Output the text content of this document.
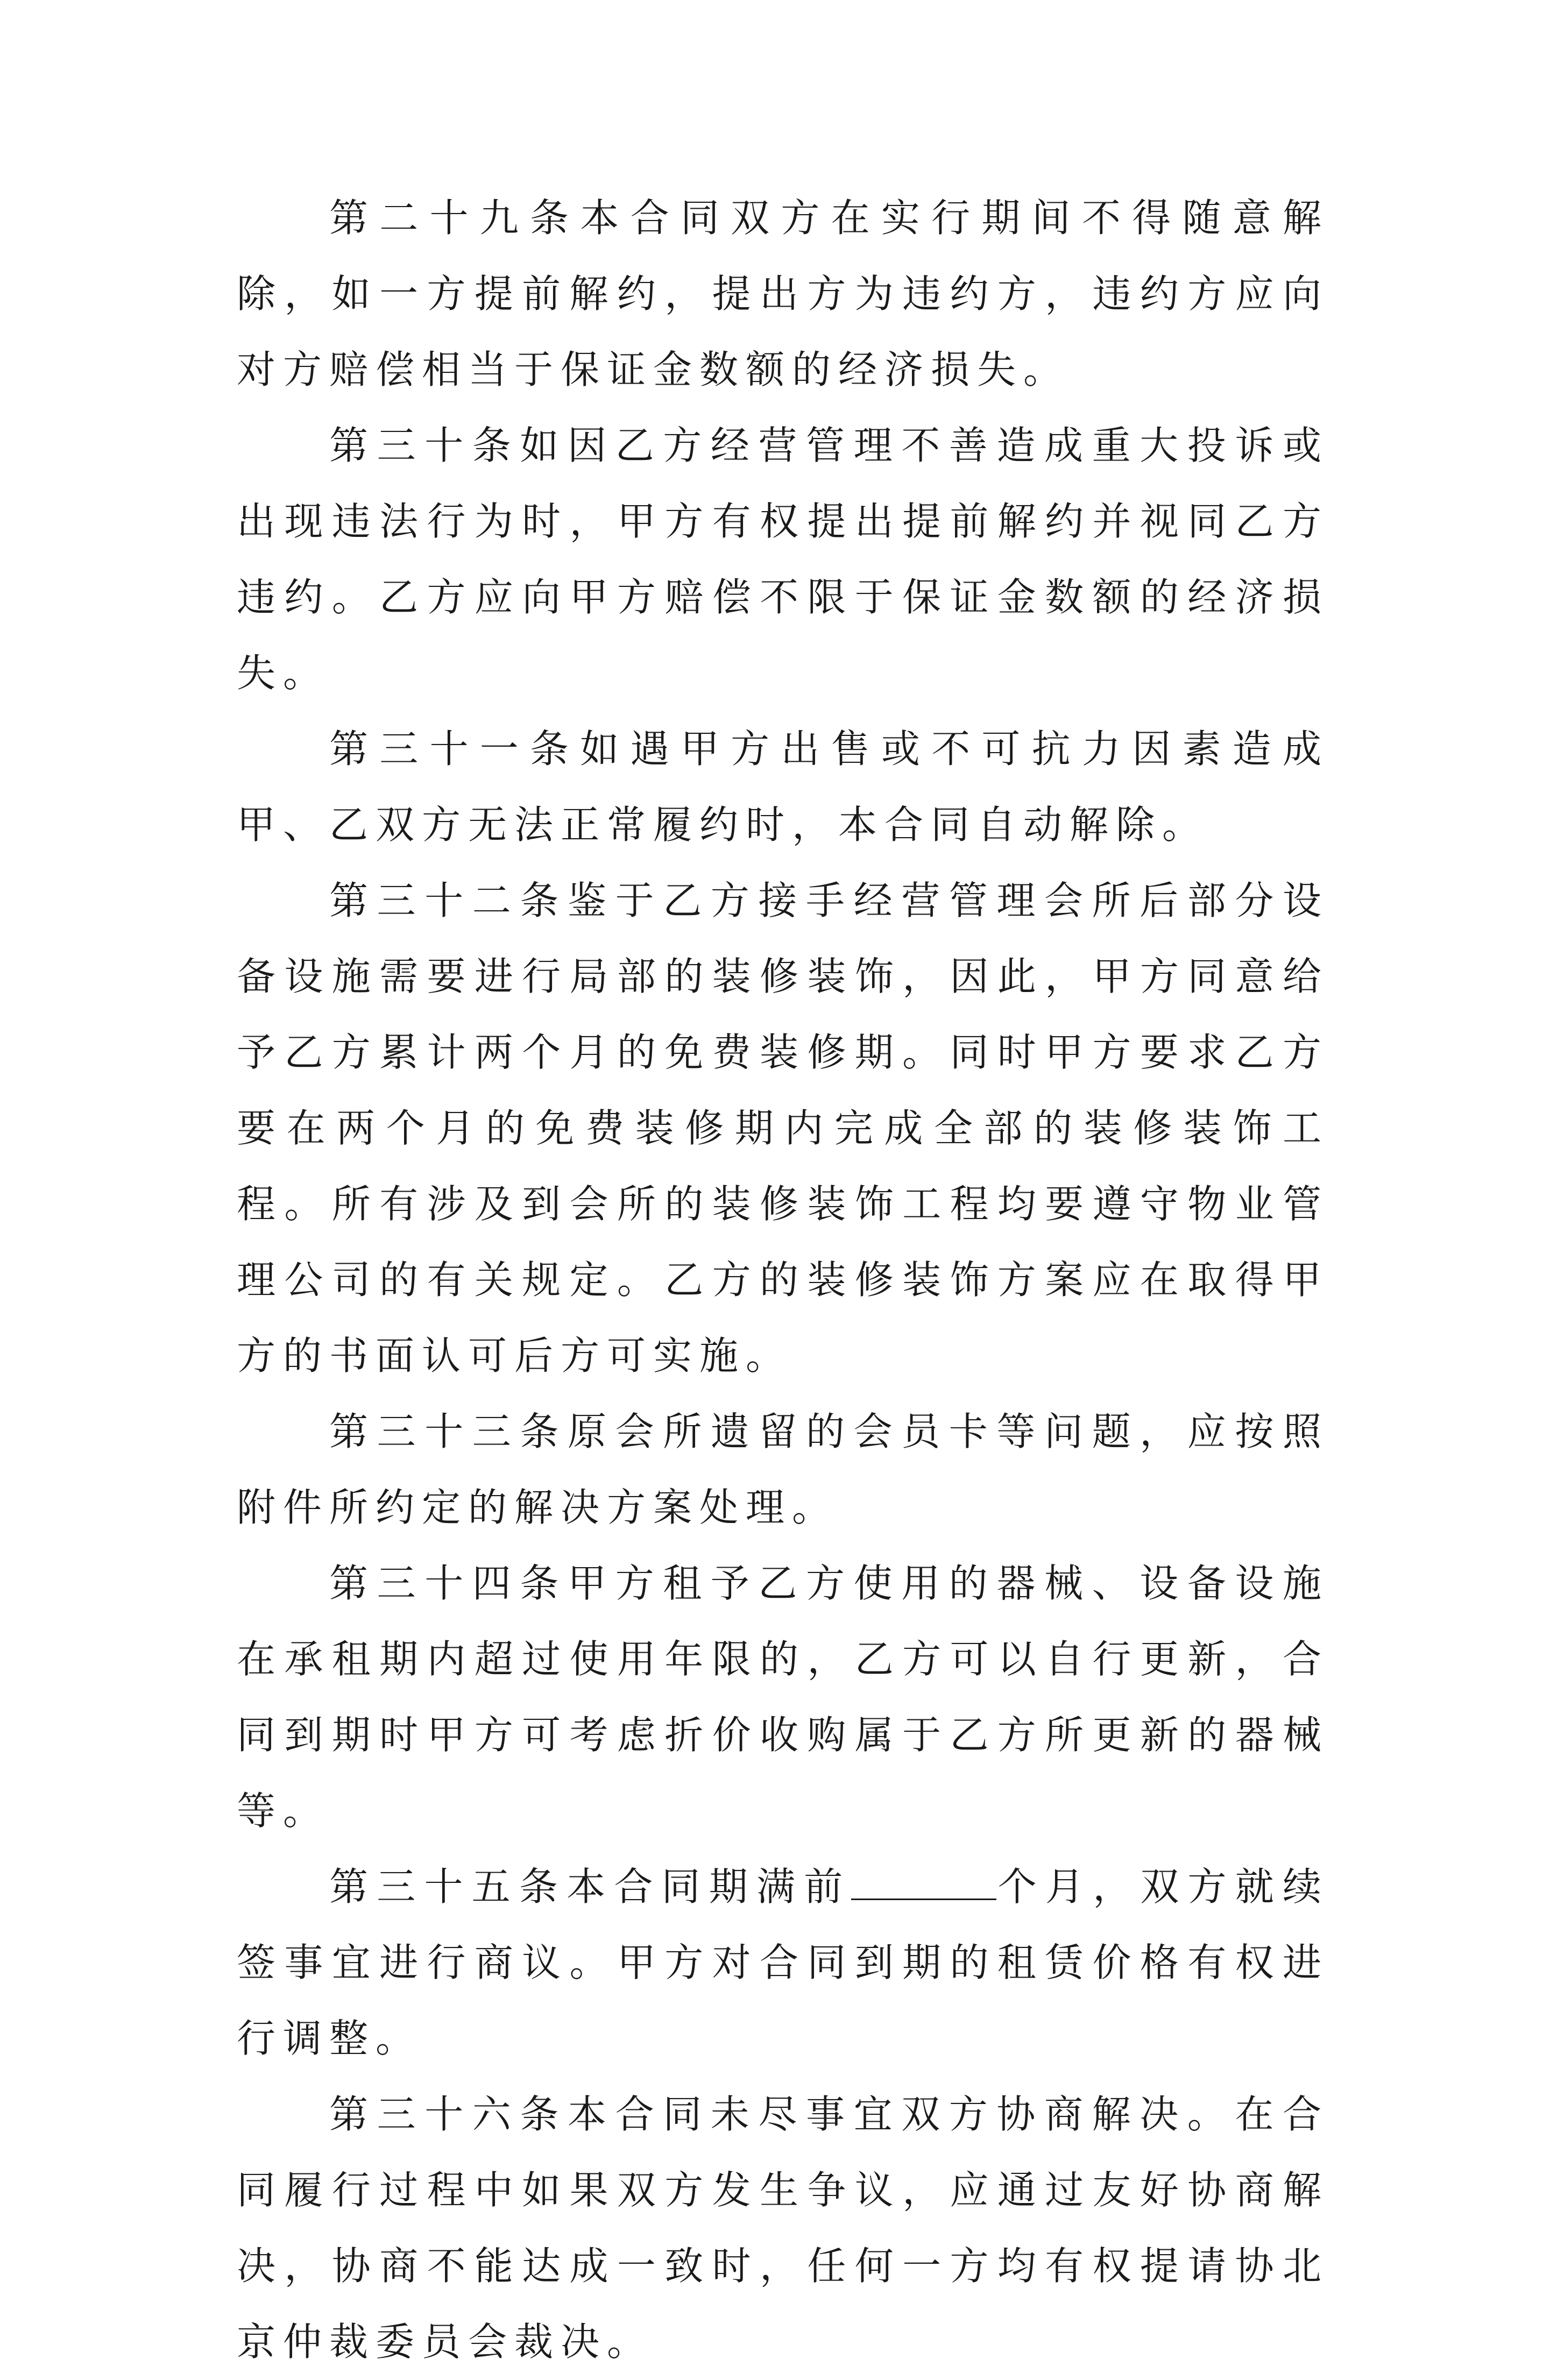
第二十九条本合同双方在实行期间不得随意解除，如一方提前解约，提出方为违约方，违约方应向对方赔偿相当于保证金数额的经济损失。

第三十条如因乙方经营管理不善造成重大投诉或出现违法行为时，甲方有权提出提前解约并视同乙方违约。乙方应向甲方赔偿不限于保证金数额的经济损失。

第三十一条如遇甲方出售或不可抗力因素造成甲、乙双方无法正常履约时，本合同自动解除。

第三十二条鉴于乙方接手经营管理会所后部分设备设施需要进行局部的装修装饰，因此，甲方同意给予乙方累计两个月的免费装修期。同时甲方要求乙方要在两个月的免费装修期内完成全部的装修装饰工程。所有涉及到会所的装修装饰工程均要遵守物业管理公司的有关规定。乙方的装修装饰方案应在取得甲方的书面认可后方可实施。

第三十三条原会所遗留的会员卡等问题，应按照附件所约定的解决方案处理。

第三十四条甲方租予乙方使用的器械、设备设施在承租期内超过使用年限的，乙方可以自行更新，合同到期时甲方可考虑折价收购属于乙方所更新的器械等。

第三十五条本合同期满前	个月，双方就续签事宜进行商议。甲方对合同到期的租赁价格有权进行调整。

第三十六条本合同未尽事宜双方协商解决。在合同履行过程中如果双方发生争议，应通过友好协商解决，协商不能达成一致时，任何一方均有权提请协北京仲裁委员会裁决。
